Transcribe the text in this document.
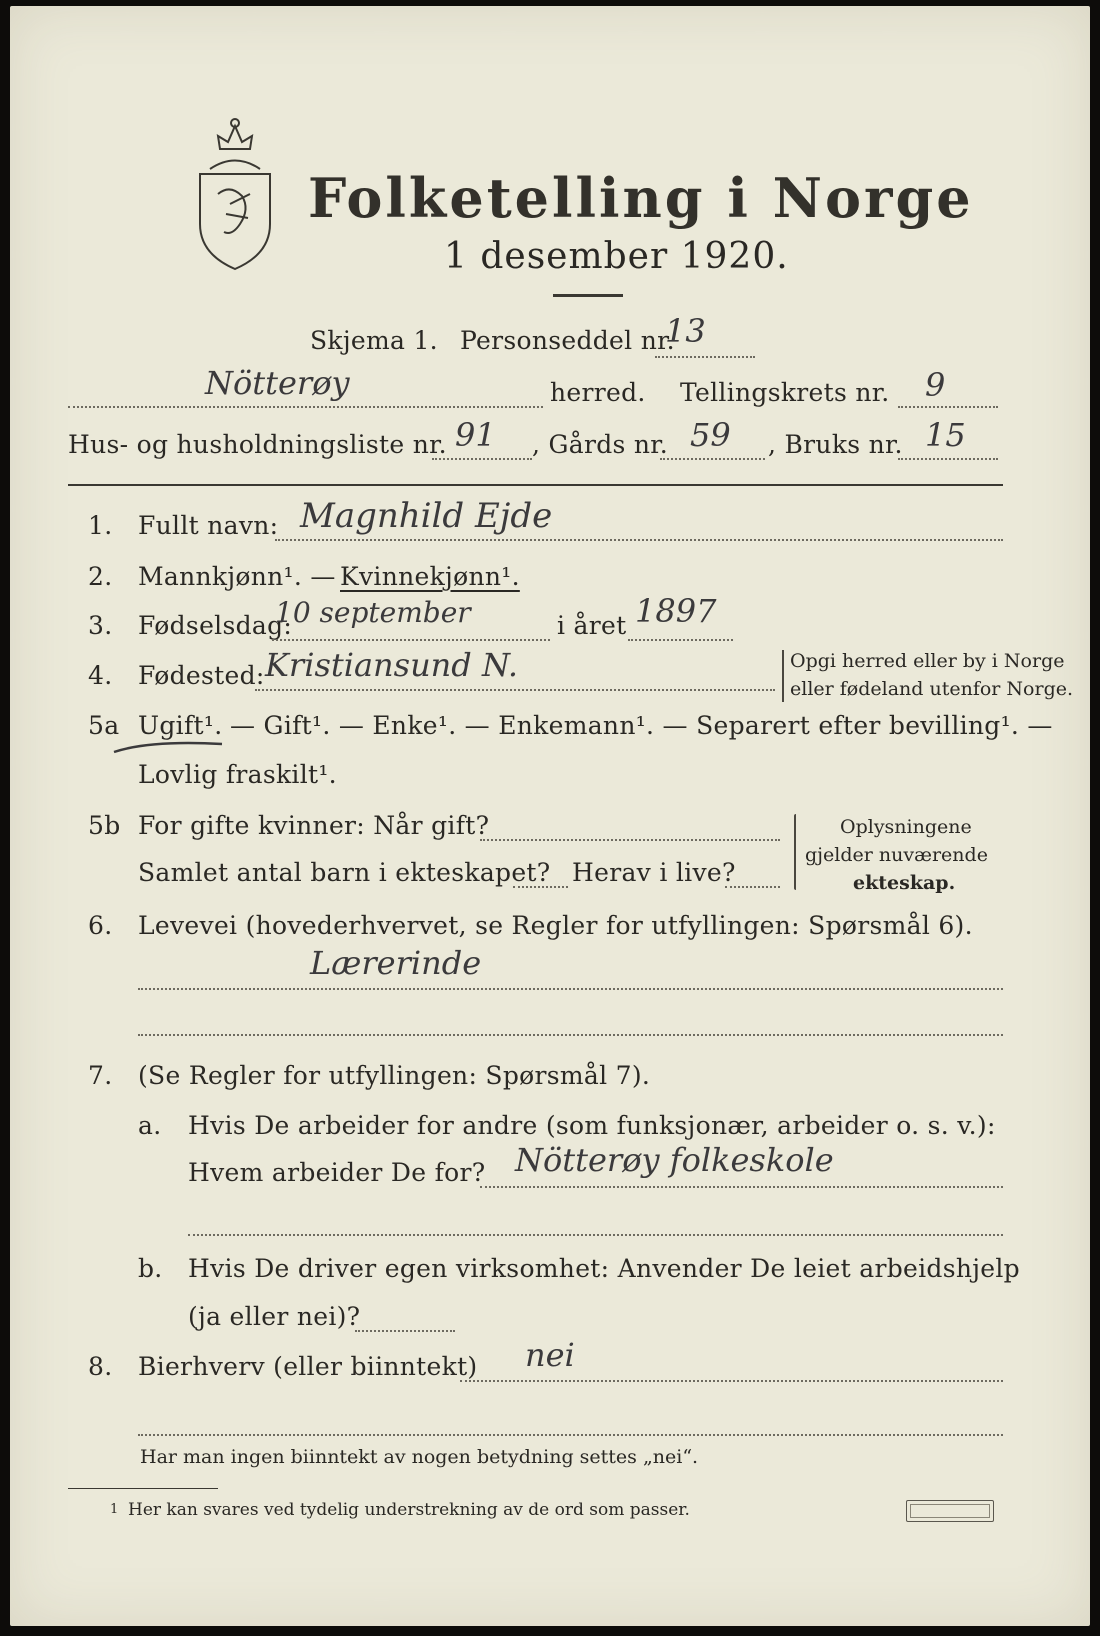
Folketelling i Norge
1 desember 1920.
Skjema 1. Personseddel nr.
13
Nötterøy	herred. Tellingskrets nr. 9
Hus- og husholdningsliste nr. 91 , Gårds nr. 59 , Bruks nr. 15
1. Fullt navn: Magnhild Ejde
2. Mannkjønn¹. — Kvinnekjønn¹.
3. Fødselsdag:
10 september	i året 1897
4. Fødested: Kristiansund N.	Opgi herred eller by i Norge
eller fødeland utenfor Norge.
5a Ugift¹. — Gift¹. — Enke¹. — Enkemann¹. — Separert efter bevilling¹. —
Lovlig fraskilt¹.
5b For gifte kvinner: Når gift?
Samlet antal barn i ekteskapet? Herav i live?
Oplysningene
gjelder nuværende
ekteskap.
6. Levevei (hovederhvervet, se Regler for utfyllingen: Spørsmål 6).
Lærerinde
7. (Se Regler for utfyllingen: Spørsmål 7).
a. Hvis De arbeider for andre (som funksjonær, arbeider o. s. v.):
Hvem arbeider De for? Nötterøy folkeskole
b. Hvis De driver egen virksomhet: Anvender De leiet arbeidshjelp
(ja eller nei)?
8. Bierhverv (eller biinntekt) nei
Har man ingen biinntekt av nogen betydning settes „nei“.
1 Her kan svares ved tydelig understrekning av de ord som passer.
